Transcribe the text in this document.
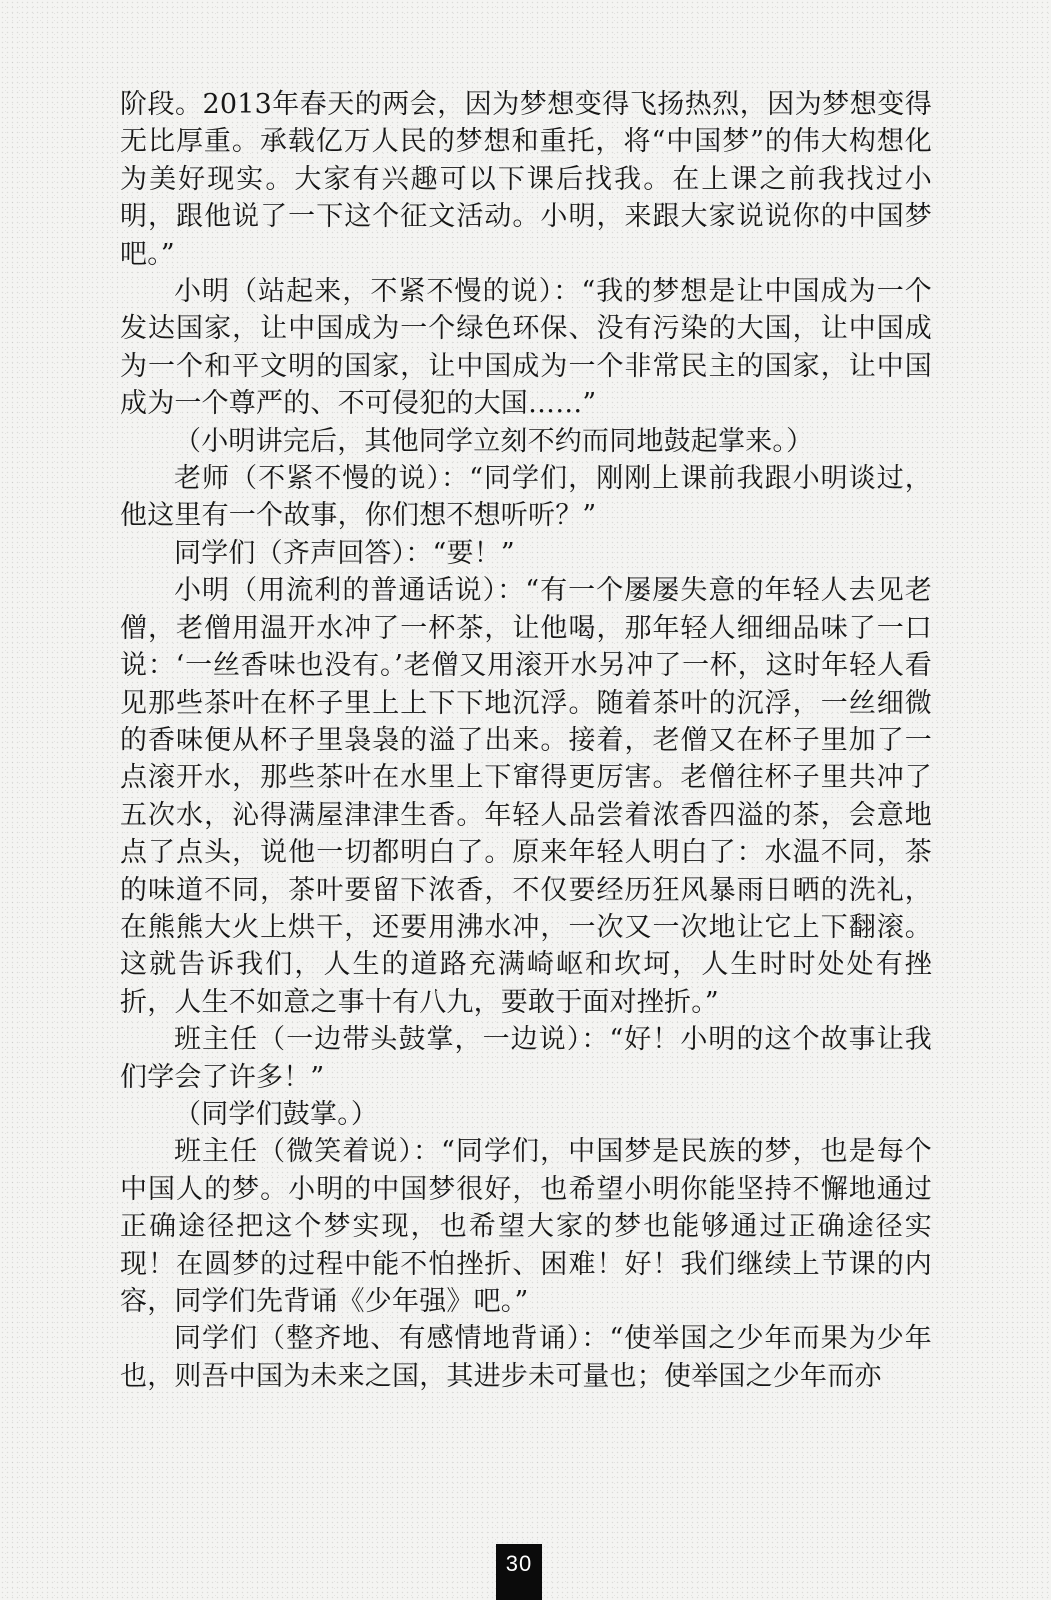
阶段。2013年春天的两会，因为梦想变得飞扬热烈，因为梦想变得无比厚重。承载亿万人民的梦想和重托，将“中国梦”的伟大构想化为美好现实。大家有兴趣可以下课后找我。在上课之前我找过小明，跟他说了一下这个征文活动。小明，来跟大家说说你的中国梦吧。”

小明（站起来，不紧不慢的说）：“我的梦想是让中国成为一个发达国家，让中国成为一个绿色环保、没有污染的大国，让中国成为一个和平文明的国家，让中国成为一个非常民主的国家，让中国成为一个尊严的、不可侵犯的大国……”

（小明讲完后，其他同学立刻不约而同地鼓起掌来。）

老师（不紧不慢的说）：“同学们，刚刚上课前我跟小明谈过，他这里有一个故事，你们想不想听听？”

同学们（齐声回答）：“要！”

小明（用流利的普通话说）：“有一个屡屡失意的年轻人去见老僧，老僧用温开水冲了一杯茶，让他喝，那年轻人细细品味了一口说：‘一丝香味也没有。’老僧又用滚开水另冲了一杯，这时年轻人看见那些茶叶在杯子里上上下下地沉浮。随着茶叶的沉浮，一丝细微的香味便从杯子里袅袅的溢了出来。接着，老僧又在杯子里加了一点滚开水，那些茶叶在水里上下窜得更厉害。老僧往杯子里共冲了五次水，沁得满屋津津生香。年轻人品尝着浓香四溢的茶，会意地点了点头，说他一切都明白了。原来年轻人明白了：水温不同，茶的味道不同，茶叶要留下浓香，不仅要经历狂风暴雨日晒的洗礼，在熊熊大火上烘干，还要用沸水冲，一次又一次地让它上下翻滚。这就告诉我们，人生的道路充满崎岖和坎坷，人生时时处处有挫折，人生不如意之事十有八九，要敢于面对挫折。”

班主任（一边带头鼓掌，一边说）：“好！小明的这个故事让我们学会了许多！”

（同学们鼓掌。）

班主任（微笑着说）：“同学们，中国梦是民族的梦，也是每个中国人的梦。小明的中国梦很好，也希望小明你能坚持不懈地通过正确途径把这个梦实现，也希望大家的梦也能够通过正确途径实现！在圆梦的过程中能不怕挫折、困难！好！我们继续上节课的内容，同学们先背诵《少年强》吧。”

同学们（整齐地、有感情地背诵）：“使举国之少年而果为少年也，则吾中国为未来之国，其进步未可量也；使举国之少年而亦

30
